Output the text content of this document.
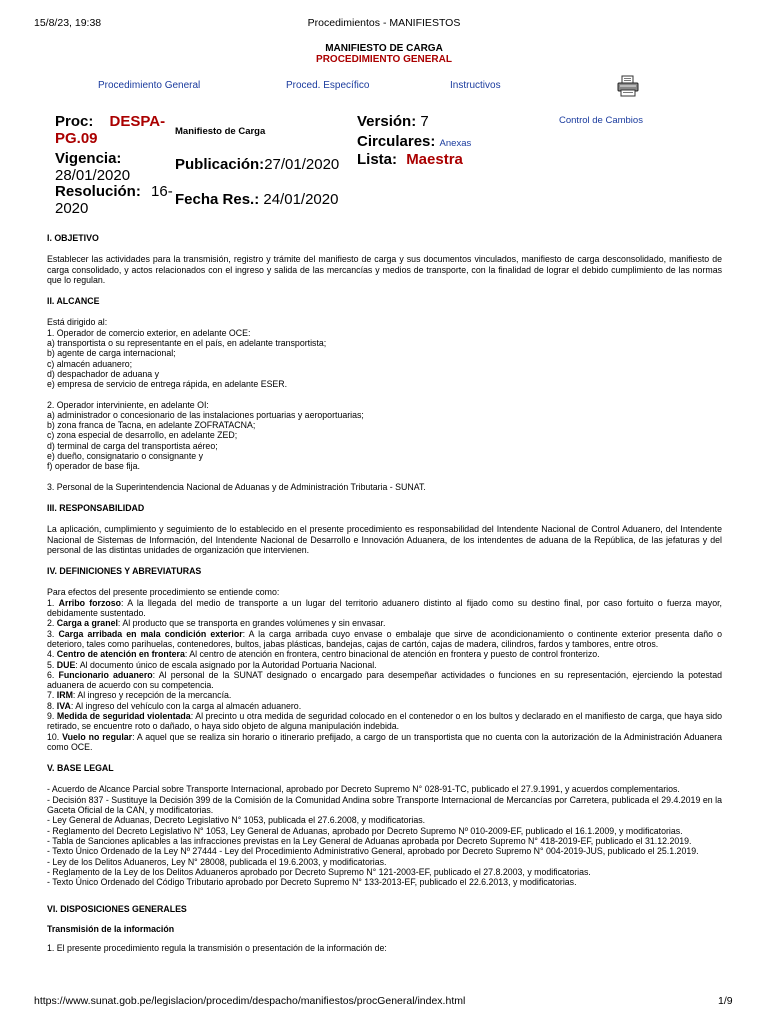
15/8/23, 19:38	Procedimientos - MANIFIESTOS
MANIFIESTO DE CARGA
PROCEDIMIENTO GENERAL
Procedimiento General	Proced. Específico	Instructivos
Proc: DESPA-
PG.09	Manifiesto de Carga
Vigencia:
28/01/2020
Publicación:27/01/2020
Resolución: 16-
2020
Fecha Res.: 24/01/2020
Versión: 7
Circulares: Anexas
Lista: Maestra
Control de Cambios

I. OBJETIVO

Establecer las actividades para la transmisión, registro y trámite del manifiesto de carga y sus documentos vinculados, manifiesto de carga desconsolidado, manifiesto de carga consolidado, y actos relacionados con el ingreso y salida de las mercancías y medios de transporte, con la finalidad de lograr el debido cumplimiento de las normas que lo regulan.

II. ALCANCE

Está dirigido al:

1. Operador de comercio exterior, en adelante OCE:

a) transportista o su representante en el país, en adelante transportista;

b) agente de carga internacional;

c) almacén aduanero;

d) despachador de aduana y

e) empresa de servicio de entrega rápida, en adelante ESER.

2. Operador interviniente, en adelante OI:

a) administrador o concesionario de las instalaciones portuarias y aeroportuarias;

b) zona franca de Tacna, en adelante ZOFRATACNA;

c) zona especial de desarrollo, en adelante ZED;

d) terminal de carga del transportista aéreo;

e) dueño, consignatario o consignante y

f) operador de base fija.

3. Personal de la Superintendencia Nacional de Aduanas y de Administración Tributaria - SUNAT.

III. RESPONSABILIDAD

La aplicación, cumplimiento y seguimiento de lo establecido en el presente procedimiento es responsabilidad del Intendente Nacional de Control Aduanero, del Intendente Nacional de Sistemas de Información, del Intendente Nacional de Desarrollo e Innovación Aduanera, de los intendentes de aduana de la República, de las jefaturas y del personal de las distintas unidades de organización que intervienen.

IV. DEFINICIONES Y ABREVIATURAS

Para efectos del presente procedimiento se entiende como:

1. Arribo forzoso: A la llegada del medio de transporte a un lugar del territorio aduanero distinto al fijado como su destino final, por caso fortuito o fuerza mayor, debidamente sustentado.

2. Carga a granel: Al producto que se transporta en grandes volúmenes y sin envasar.

3. Carga arribada en mala condición exterior: A la carga arribada cuyo envase o embalaje que sirve de acondicionamiento o continente exterior presenta daño o deterioro, tales como parihuelas, contenedores, bultos, jabas plásticas, bandejas, cajas de cartón, cajas de madera, cilindros, fardos y tambores, entre otros.

4. Centro de atención en frontera: Al centro de atención en frontera, centro binacional de atención en frontera y puesto de control fronterizo.

5. DUE: Al documento único de escala asignado por la Autoridad Portuaria Nacional.

6. Funcionario aduanero: Al personal de la SUNAT designado o encargado para desempeñar actividades o funciones en su representación, ejerciendo la potestad aduanera de acuerdo con su competencia.

7. IRM: Al ingreso y recepción de la mercancía.

8. IVA: Al ingreso del vehículo con la carga al almacén aduanero.

9. Medida de seguridad violentada: Al precinto u otra medida de seguridad colocado en el contenedor o en los bultos y declarado en el manifiesto de carga, que haya sido retirado, se encuentre roto o dañado, o haya sido objeto de alguna manipulación indebida.

10. Vuelo no regular: A aquel que se realiza sin horario o itinerario prefijado, a cargo de un transportista que no cuenta con la autorización de la Administración Aduanera como OCE.

V. BASE LEGAL

- Acuerdo de Alcance Parcial sobre Transporte Internacional, aprobado por Decreto Supremo N° 028-91-TC, publicado el 27.9.1991, y acuerdos complementarios.

- Decisión 837 - Sustituye la Decisión 399 de la Comisión de la Comunidad Andina sobre Transporte Internacional de Mercancías por Carretera, publicada el 29.4.2019 en la Gaceta Oficial de la CAN, y modificatorias.

- Ley General de Aduanas, Decreto Legislativo N° 1053, publicada el 27.6.2008, y modificatorias.

- Reglamento del Decreto Legislativo N° 1053, Ley General de Aduanas, aprobado por Decreto Supremo Nº 010-2009-EF, publicado el 16.1.2009, y modificatorias.

- Tabla de Sanciones aplicables a las infracciones previstas en la Ley General de Aduanas aprobada por Decreto Supremo N° 418-2019-EF, publicado el 31.12.2019.

- Texto Único Ordenado de la Ley Nº 27444 - Ley del Procedimiento Administrativo General, aprobado por Decreto Supremo N° 004-2019-JUS, publicado el 25.1.2019.

- Ley de los Delitos Aduaneros, Ley N° 28008, publicada el 19.6.2003, y modificatorias.

- Reglamento de la Ley de los Delitos Aduaneros aprobado por Decreto Supremo N° 121-2003-EF, publicado el 27.8.2003, y modificatorias.

- Texto Único Ordenado del Código Tributario aprobado por Decreto Supremo N° 133-2013-EF, publicado el 22.6.2013, y modificatorias.

VI. DISPOSICIONES GENERALES

Transmisión de la información

1. El presente procedimiento regula la transmisión o presentación de la información de:

https://www.sunat.gob.pe/legislacion/procedim/despacho/manifiestos/procGeneral/index.html	1/9
